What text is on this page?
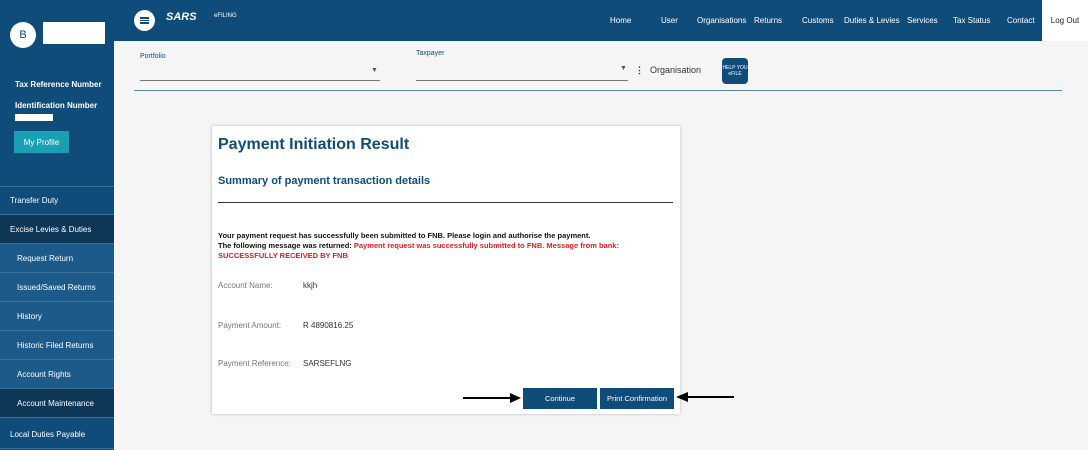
B
Tax Reference Number
Identification Number
My Profile
Transfer Duty
Excise Levies & Duties
Request Return
Issued/Saved Returns
History
Historic Filed Returns
Account Rights
Account Maintenance
Local Duties Payable
SARS	eFILING	Home	User Organisations Returns Customs Duties & Levies Services Tax Status Contact	Log Out
Portfolio
▼
Taxpayer
▼ ⋮ Organisation	HELP YOU eFILE
Payment Initiation Result
Summary of payment transaction details
Your payment request has successfully been submitted to FNB. Please login and authorise the payment.
The following message was returned: Payment request was successfully submitted to FNB. Message from bank: SUCCESSFULLY RECEIVED BY FNB
Account Name:	kkjh
Payment Amount:	R 4890816.25
Payment Reference: SARSEFLNG
Continue	Print Confirmation
